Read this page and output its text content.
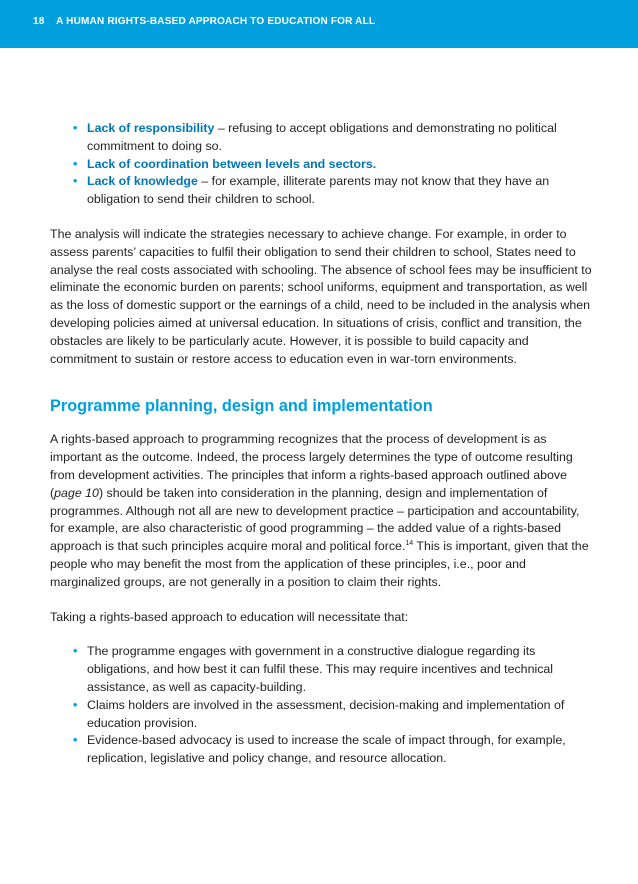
18 A HUMAN RIGHTS-BASED APPROACH TO EDUCATION FOR ALL
• Lack of responsibility – refusing to accept obligations and demonstrating no political commitment to doing so.
• Lack of coordination between levels and sectors.
• Lack of knowledge – for example, illiterate parents may not know that they have an obligation to send their children to school.

The analysis will indicate the strategies necessary to achieve change. For example, in order to assess parents’ capacities to fulfil their obligation to send their children to school, States need to analyse the real costs associated with schooling. The absence of school fees may be insufficient to eliminate the economic burden on parents; school uniforms, equipment and transportation, as well as the loss of domestic support or the earnings of a child, need to be included in the analysis when developing policies aimed at universal education. In situations of crisis, conflict and transition, the obstacles are likely to be particularly acute. However, it is possible to build capacity and commitment to sustain or restore access to education even in war-torn environments.

Programme planning, design and implementation

A rights-based approach to programming recognizes that the process of development is as important as the outcome. Indeed, the process largely determines the type of outcome resulting from development activities. The principles that inform a rights-based approach outlined above (page 10) should be taken into consideration in the planning, design and implementation of programmes. Although not all are new to development practice – participation and accountability, for example, are also characteristic of good programming – the added value of a rights-based approach is that such principles acquire moral and political force.$^{14}$ This is important, given that the people who may benefit the most from the application of these principles, i.e., poor and marginalized groups, are not generally in a position to claim their rights.

Taking a rights-based approach to education will necessitate that:

• The programme engages with government in a constructive dialogue regarding its obligations, and how best it can fulfil these. This may require incentives and technical assistance, as well as capacity-building.
• Claims holders are involved in the assessment, decision-making and implementation of education provision.
• Evidence-based advocacy is used to increase the scale of impact through, for example, replication, legislative and policy change, and resource allocation.
